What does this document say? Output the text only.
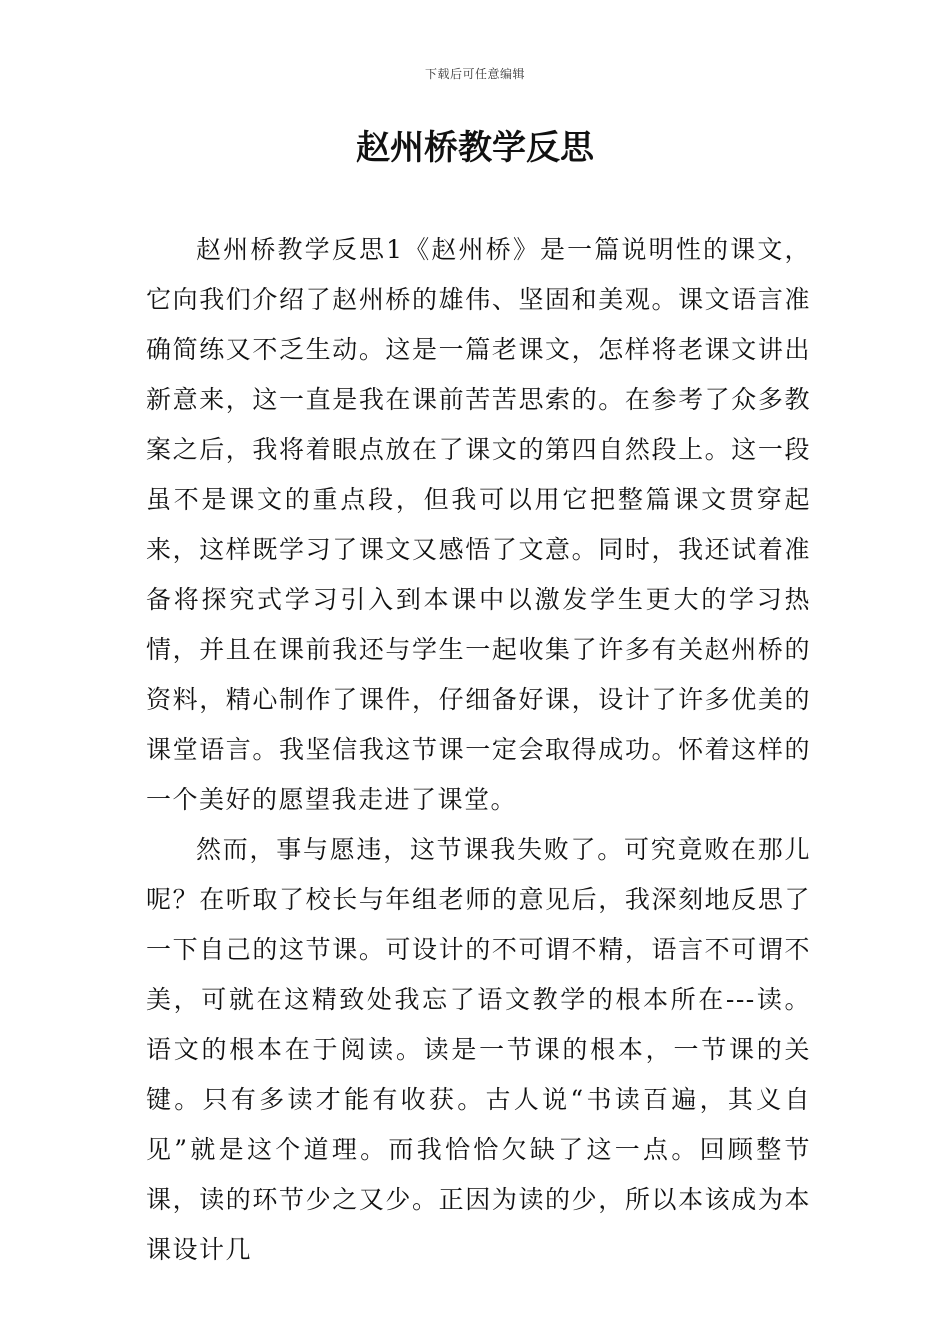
下载后可任意编辑
赵州桥教学反思

赵州桥教学反思1《赵州桥》是一篇说明性的课文，它向我们介绍了赵州桥的雄伟、坚固和美观。课文语言准确简练又不乏生动。这是一篇老课文，怎样将老课文讲出新意来，这一直是我在课前苦苦思索的。在参考了众多教案之后，我将着眼点放在了课文的第四自然段上。这一段虽不是课文的重点段，但我可以用它把整篇课文贯穿起来，这样既学习了课文又感悟了文意。同时，我还试着准备将探究式学习引入到本课中以激发学生更大的学习热情，并且在课前我还与学生一起收集了许多有关赵州桥的资料，精心制作了课件，仔细备好课，设计了许多优美的课堂语言。我坚信我这节课一定会取得成功。怀着这样的一个美好的愿望我走进了课堂。

然而，事与愿违，这节课我失败了。可究竟败在那儿呢？在听取了校长与年组老师的意见后，我深刻地反思了一下自己的这节课。可设计的不可谓不精，语言不可谓不美，可就在这精致处我忘了语文教学的根本所在---读。语文的根本在于阅读。读是一节课的根本，一节课的关键。只有多读才能有收获。古人说“书读百遍，其义自见”就是这个道理。而我恰恰欠缺了这一点。回顾整节课，读的环节少之又少。正因为读的少，所以本该成为本课设计几
